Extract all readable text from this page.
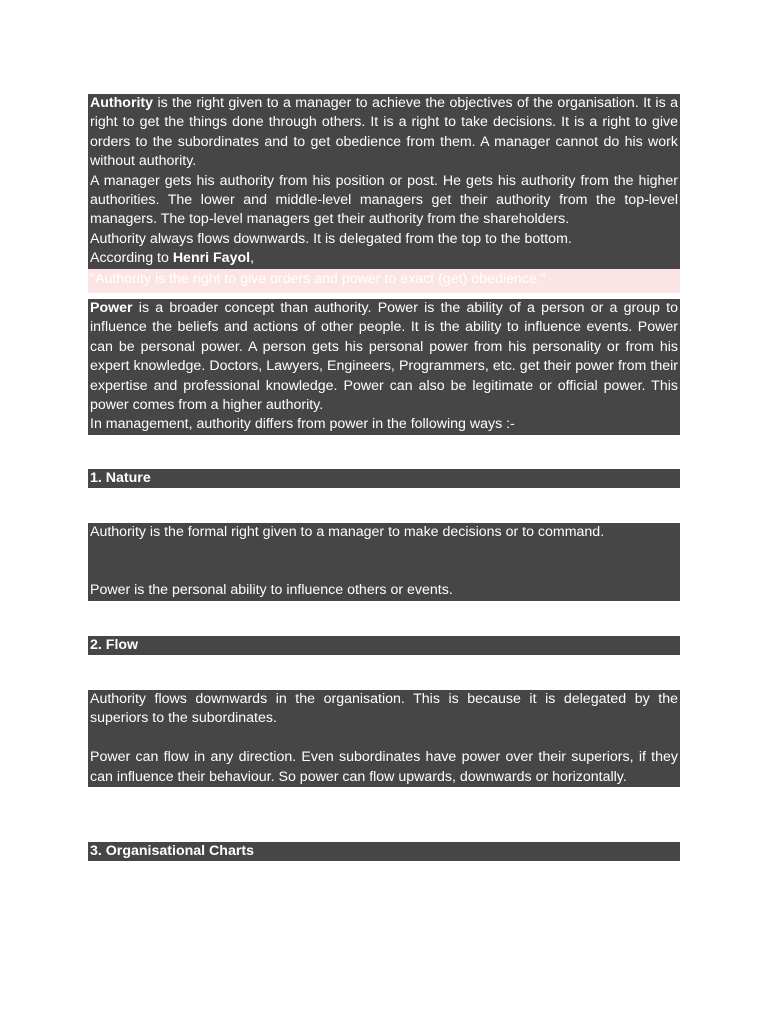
Authority is the right given to a manager to achieve the objectives of the organisation. It is a right to get the things done through others. It is a right to take decisions. It is a right to give orders to the subordinates and to get obedience from them. A manager cannot do his work without authority.

A manager gets his authority from his position or post. He gets his authority from the higher authorities. The lower and middle-level managers get their authority from the top-level managers. The top-level managers get their authority from the shareholders.

Authority always flows downwards. It is delegated from the top to the bottom.

According to Henri Fayol,

"Authority is the right to give orders and power to exact (get) obedience."

Power is a broader concept than authority. Power is the ability of a person or a group to influence the beliefs and actions of other people. It is the ability to influence events. Power can be personal power. A person gets his personal power from his personality or from his expert knowledge. Doctors, Lawyers, Engineers, Programmers, etc. get their power from their expertise and professional knowledge. Power can also be legitimate or official power. This power comes from a higher authority.

In management, authority differs from power in the following ways :-

1. Nature

Authority is the formal right given to a manager to make decisions or to command.

Power is the personal ability to influence others or events.

2. Flow

Authority flows downwards in the organisation. This is because it is delegated by the superiors to the subordinates.

Power can flow in any direction. Even subordinates have power over their superiors, if they can influence their behaviour. So power can flow upwards, downwards or horizontally.

3. Organisational Charts
